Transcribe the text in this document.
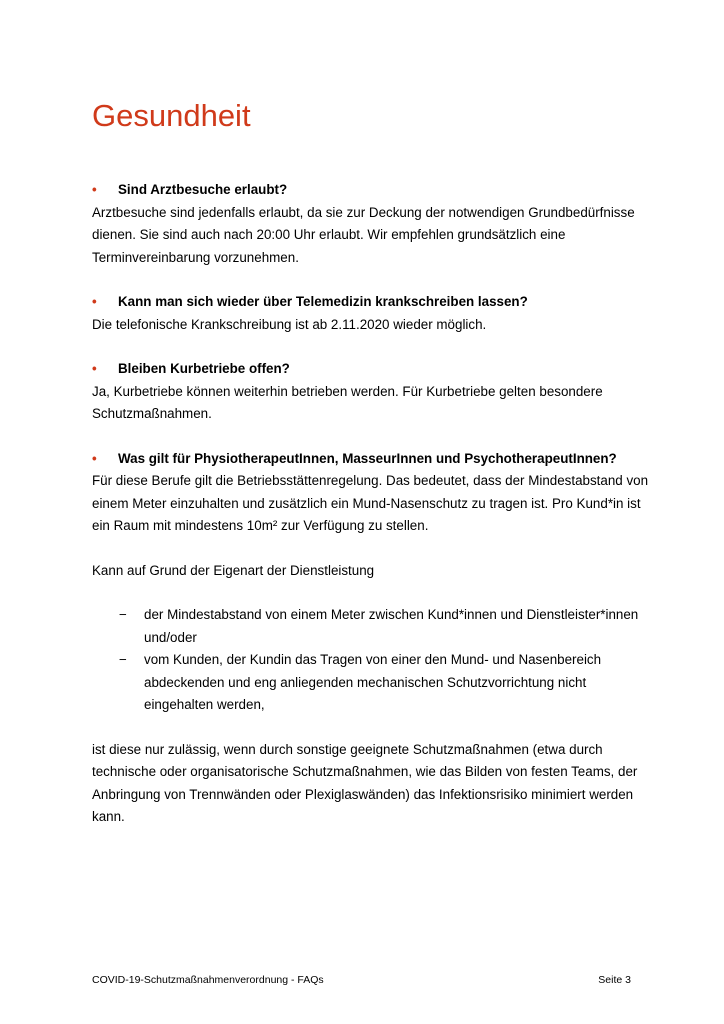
Gesundheit
• Sind Arztbesuche erlaubt?

Arztbesuche sind jedenfalls erlaubt, da sie zur Deckung der notwendigen Grundbedürfnisse dienen. Sie sind auch nach 20:00 Uhr erlaubt. Wir empfehlen grundsätzlich eine Terminvereinbarung vorzunehmen.

• Kann man sich wieder über Telemedizin krankschreiben lassen?

Die telefonische Krankschreibung ist ab 2.11.2020 wieder möglich.

• Bleiben Kurbetriebe offen?

Ja, Kurbetriebe können weiterhin betrieben werden. Für Kurbetriebe gelten besondere Schutzmaßnahmen.

• Was gilt für PhysiotherapeutInnen, MasseurInnen und PsychotherapeutInnen?

Für diese Berufe gilt die Betriebsstättenregelung. Das bedeutet, dass der Mindestabstand von einem Meter einzuhalten und zusätzlich ein Mund-Nasenschutz zu tragen ist. Pro Kund*in ist ein Raum mit mindestens 10m² zur Verfügung zu stellen.

Kann auf Grund der Eigenart der Dienstleistung

− der Mindestabstand von einem Meter zwischen Kund*innen und Dienstleister*innen und/oder
− vom Kunden, der Kundin das Tragen von einer den Mund- und Nasenbereich abdeckenden und eng anliegenden mechanischen Schutzvorrichtung nicht eingehalten werden,

ist diese nur zulässig, wenn durch sonstige geeignete Schutzmaßnahmen (etwa durch technische oder organisatorische Schutzmaßnahmen, wie das Bilden von festen Teams, der Anbringung von Trennwänden oder Plexiglaswänden) das Infektionsrisiko minimiert werden kann.

COVID-19-Schutzmaßnahmenverordnung - FAQs	Seite 3
